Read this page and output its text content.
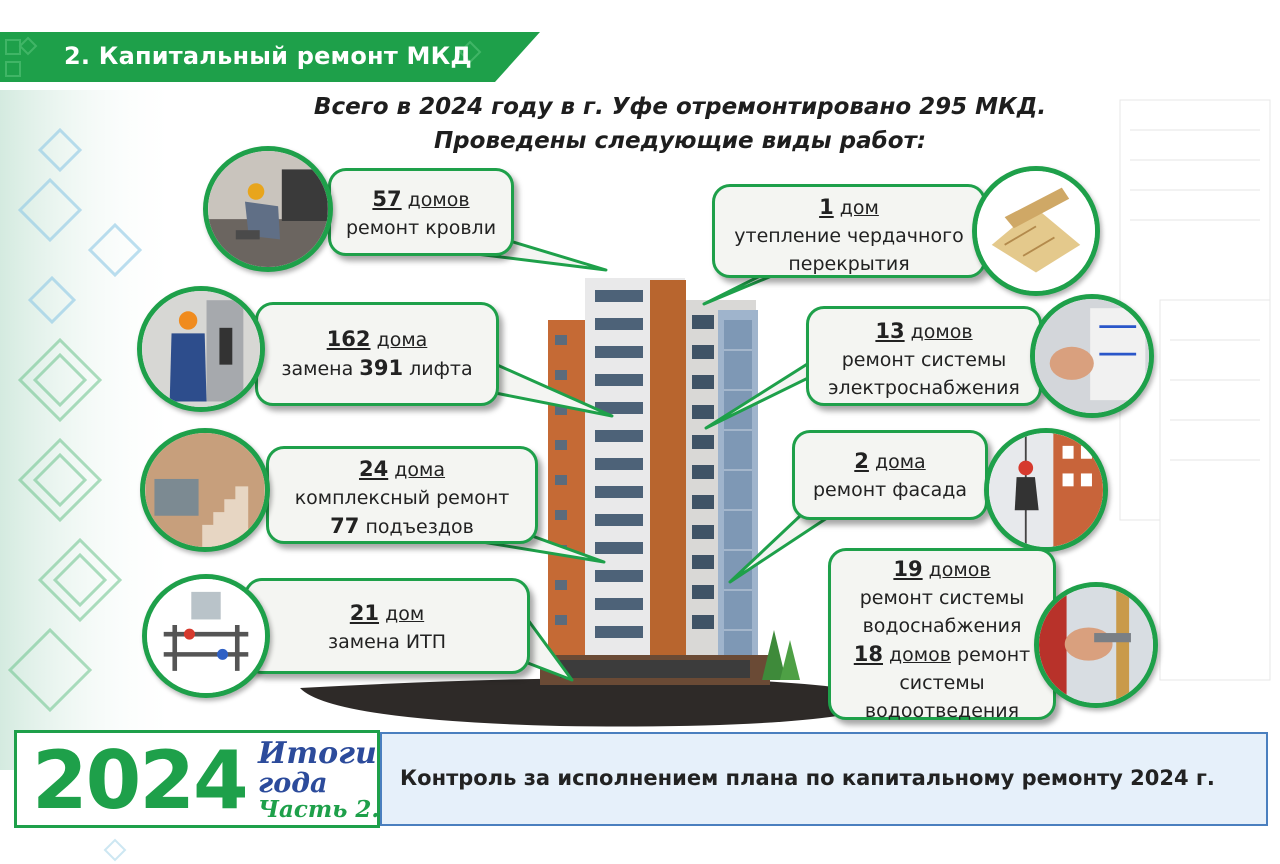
2. Капитальный ремонт МКД
Всего в 2024 году в г. Уфе отремонтировано 295 МКД.
Проведены следующие виды работ:
57 домов
ремонт кровли
162 дома
замена 391 лифта
24 дома
комплексный ремонт
77 подъездов
21 дом
замена ИТП
1 дом
утепление чердачного
перекрытия
13 домов
ремонт системы
электроснабжения
2 дома
ремонт фасада
19 домов
ремонт системы
водоснабжения
18 домов ремонт
системы
водоотведения
2024 Итоги
года
Часть 2.
Контроль за исполнением плана по капитальному ремонту 2024 г.
